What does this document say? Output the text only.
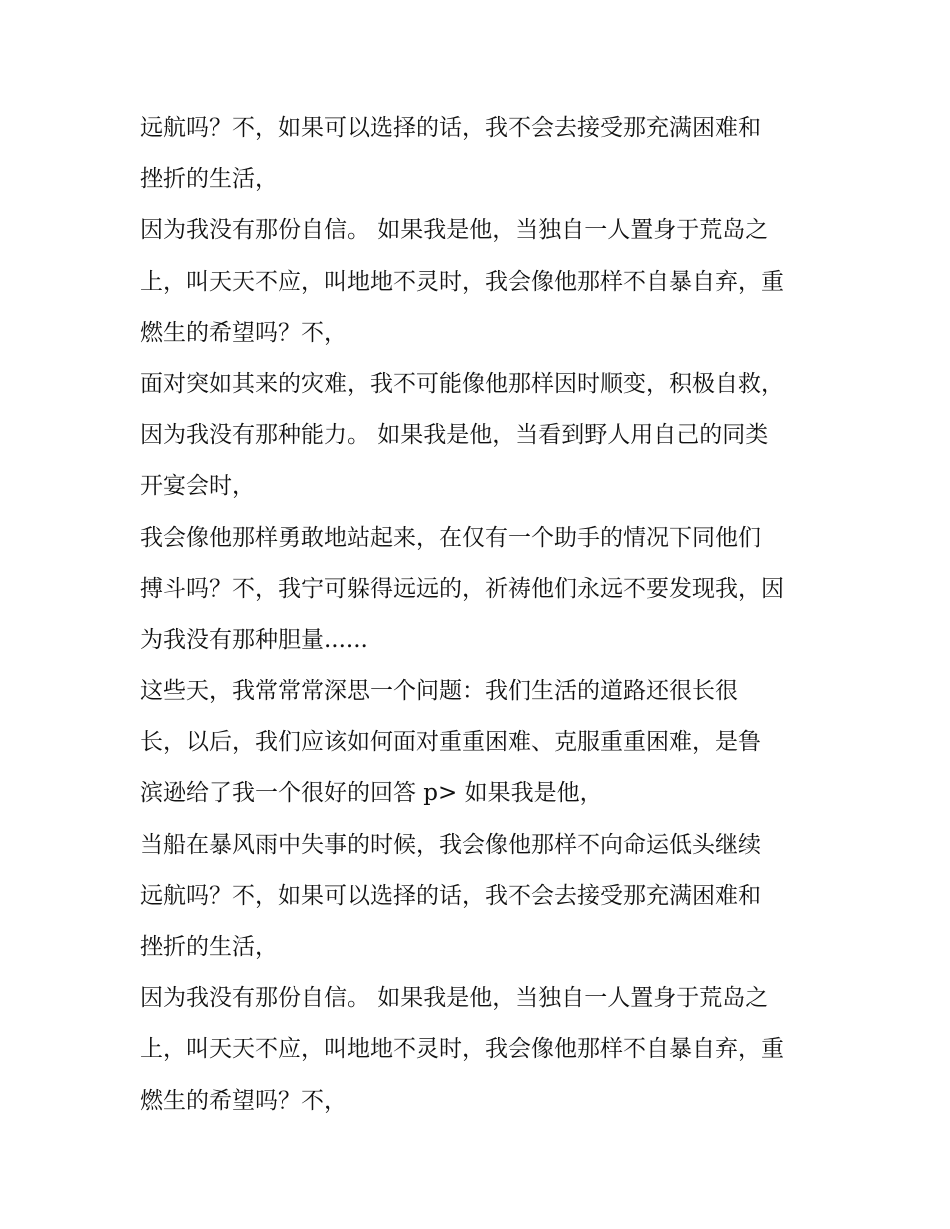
远航吗？不，如果可以选择的话，我不会去接受那充满困难和
挫折的生活，
因为我没有那份自信。 如果我是他，当独自一人置身于荒岛之
上，叫天天不应，叫地地不灵时，我会像他那样不自暴自弃，重
燃生的希望吗？不，
面对突如其来的灾难，我不可能像他那样因时顺变，积极自救，
因为我没有那种能力。 如果我是他，当看到野人用自己的同类
开宴会时，
我会像他那样勇敢地站起来，在仅有一个助手的情况下同他们
搏斗吗？不，我宁可躲得远远的，祈祷他们永远不要发现我，因
为我没有那种胆量......
这些天，我常常常深思一个问题：我们生活的道路还很长很
长，以后，我们应该如何面对重重困难、克服重重困难，是鲁
滨逊给了我一个很好的回答 p> 如果我是他，
当船在暴风雨中失事的时候，我会像他那样不向命运低头继续
远航吗？不，如果可以选择的话，我不会去接受那充满困难和
挫折的生活，
因为我没有那份自信。 如果我是他，当独自一人置身于荒岛之
上，叫天天不应，叫地地不灵时，我会像他那样不自暴自弃，重
燃生的希望吗？不，
